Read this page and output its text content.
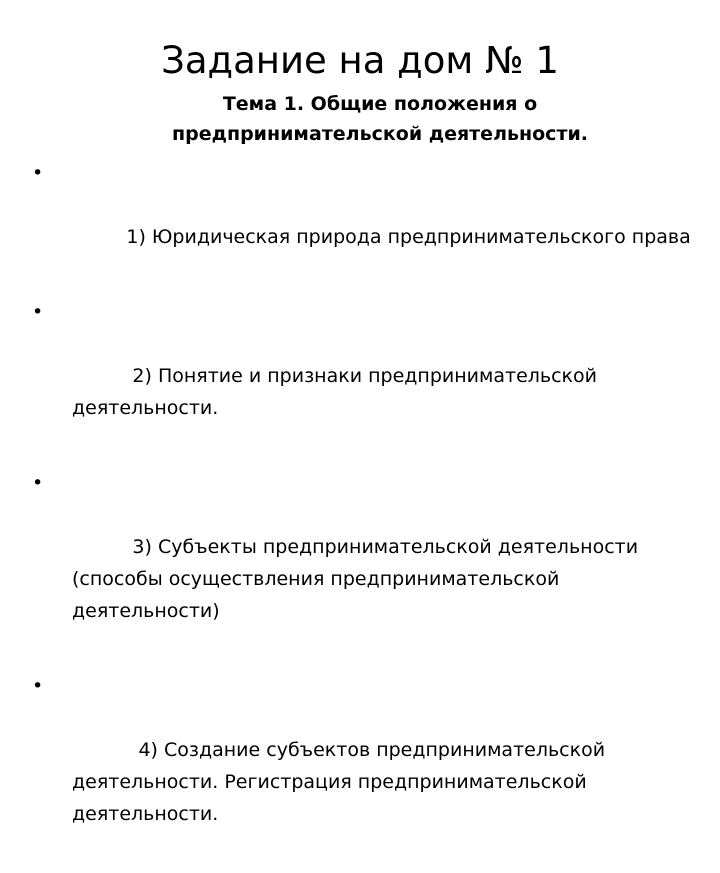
Задание на дом № 1
Тема 1. Общие положения о предпринимательской деятельности.

•

1) Юридическая природа предпринимательского права

•

2) Понятие и признаки предпринимательской деятельности.

•

3) Субъекты предпринимательской деятельности  (способы осуществления предпринимательской деятельности)

•

4) Создание субъектов предпринимательской деятельности. Регистрация предпринимательской деятельности.
